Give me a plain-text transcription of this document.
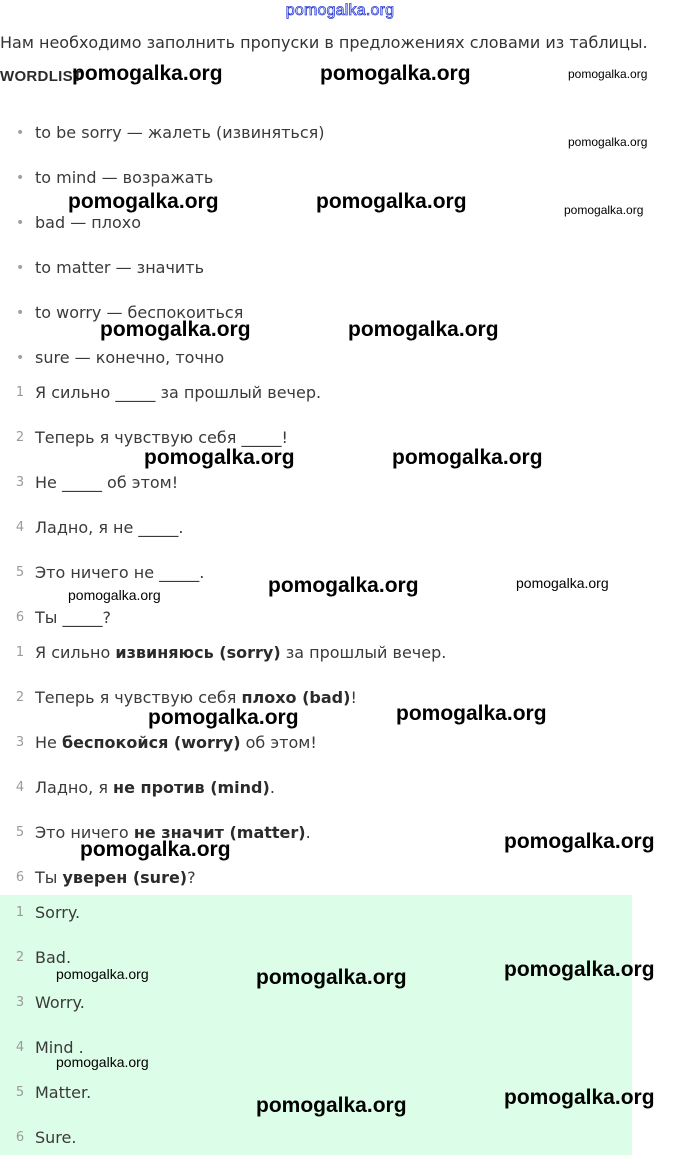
pomogalka.org
Нам необходимо заполнить пропуски в предложениях словами из таблицы.
WORDLIST
• to be sorry — жалеть (извиняться)
• to mind — возражать
• bad — плохо
• to matter — значить
• to worry — беспокоиться
• sure — конечно, точно
1 Я сильно _____ за прошлый вечер.
2 Теперь я чувствую себя _____!
3 Не _____ об этом!
4 Ладно, я не _____.
5 Это ничего не _____.
6 Ты _____?
1 Я сильно извиняюсь (sorry) за прошлый вечер.
2 Теперь я чувствую себя плохо (bad)!
3 Не беспокойся (worry) об этом!
4 Ладно, я не против (mind).
5 Это ничего не значит (matter).
6 Ты уверен (sure)?
1 Sorry.
2 Bad.
3 Worry.
4 Mind .
5 Matter.
6 Sure.
pomogalka.org	pomogalka.org	pomogalka.org
pomogalka.org
pomogalka.org	pomogalka.org	pomogalka.org
pomogalka.org	pomogalka.org
pomogalka.org	pomogalka.org
pomogalka.org
pomogalka.org
pomogalka.org
pomogalka.org	pomogalka.org
pomogalka.org
pomogalka.org
pomogalka.org
pomogalka.org
pomogalka.org
pomogalka.org
pomogalka.org
pomogalka.org
